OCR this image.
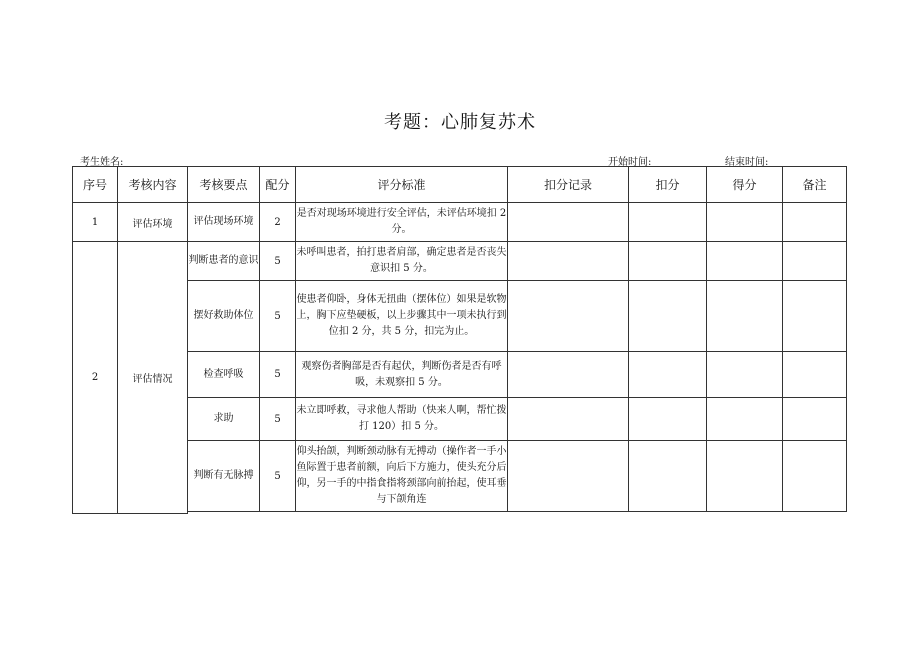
考题：心肺复苏术
考生姓名:	开始时间:	结束时间:
序号	考核内容	考核要点	配分	评分标准	扣分记录	扣分	得分	备注
1	评估环境	评估现场环境	2	是否对现场环境进行安全评估，未评估环境扣 2 分。				
2	评估情况	判断患者的意识	5	未呼叫患者，拍打患者肩部，确定患者是否丧失意识扣 5 分。				
		摆好救助体位	5	使患者仰卧，身体无扭曲（摆体位）如果是软物上，胸下应垫硬板，以上步骤其中一项未执行到位扣 2 分，共 5 分，扣完为止。				
		检查呼吸	5	观察伤者胸部是否有起伏，判断伤者是否有呼吸，未观察扣 5 分。				
		求助	5	未立即呼救，寻求他人帮助（快来人啊，帮忙拨打 120）扣 5 分。				
		判断有无脉搏	5	仰头抬颌，判断颈动脉有无搏动（操作者一手小鱼际置于患者前额，向后下方施力，使头充分后仰，另一手的中指食指将颈部向前抬起，使耳垂与下颌角连				
